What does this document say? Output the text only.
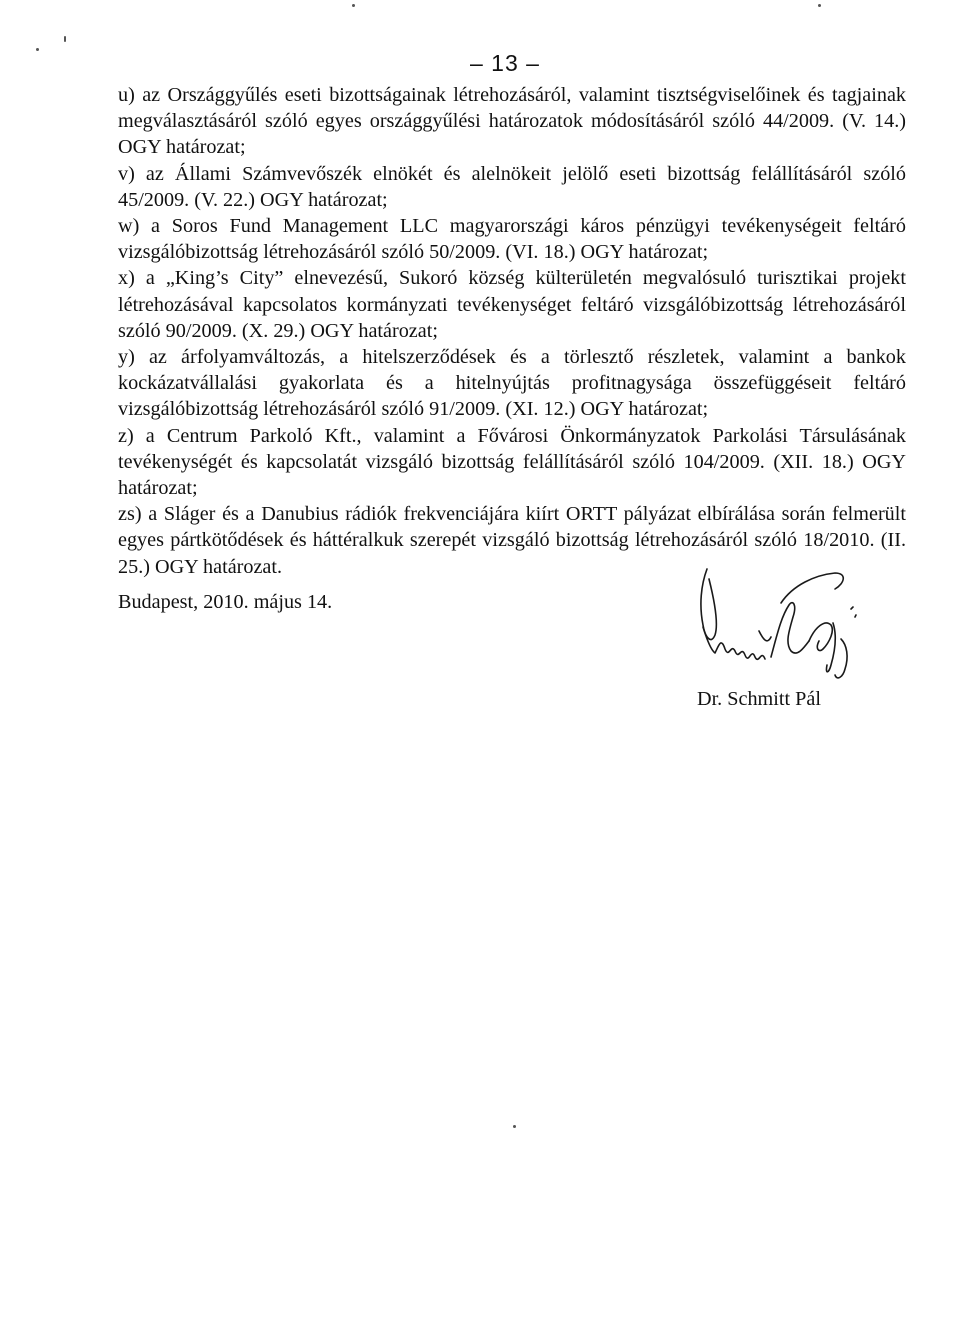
– 13 –

u) az Országgyűlés eseti bizottságainak létrehozásáról, valamint tisztségviselőinek és tagjainak megválasztásáról szóló egyes országgyűlési határozatok módosításáról szóló 44/2009. (V. 14.) OGY határozat;

v) az Állami Számvevőszék elnökét és alelnökeit jelölő eseti bizottság felállításáról szóló 45/2009. (V. 22.) OGY határozat;

w) a Soros Fund Management LLC magyarországi káros pénzügyi tevékenységeit feltáró vizsgálóbizottság létrehozásáról szóló 50/2009. (VI. 18.) OGY határozat;

x) a „King’s City” elnevezésű, Sukoró község külterületén megvalósuló turisztikai projekt létrehozásával kapcsolatos kormányzati tevékenységet feltáró vizsgálóbizottság létrehozásáról szóló 90/2009. (X. 29.) OGY határozat;

y) az árfolyamváltozás, a hitelszerződések és a törlesztő részletek, valamint a bankok kockázatvállalási gyakorlata és a hitelnyújtás profitnagysága összefüggéseit feltáró vizsgálóbizottság létrehozásáról szóló 91/2009. (XI. 12.) OGY határozat;

z) a Centrum Parkoló Kft., valamint a Fővárosi Önkormányzatok Parkolási Társulásának tevékenységét és kapcsolatát vizsgáló bizottság felállításáról szóló 104/2009. (XII. 18.) OGY határozat;

zs) a Sláger és a Danubius rádiók frekvenciájára kiírt ORTT pályázat elbírálása során felmerült egyes pártkötődések és háttéralkuk szerepét vizsgáló bizottság létrehozásáról szóló 18/2010. (II. 25.) OGY határozat.

Budapest, 2010. május 14.
Dr. Schmitt Pál
